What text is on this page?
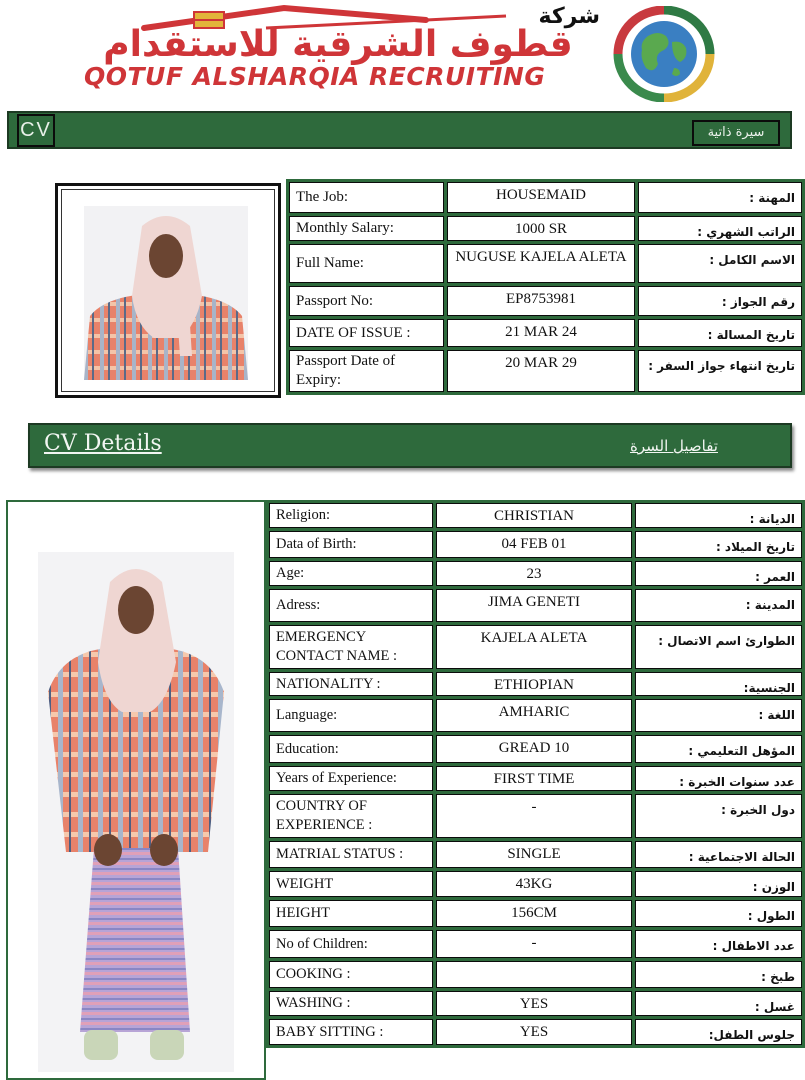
شركة
قطوف الشرقية للاستقدام
QOTUF ALSHARQIA RECRUITING
CV	سيرة ذاتية
The Job:	HOUSEMAID	المهنة :
Monthly Salary:	1000 SR	الراتب الشهري :
Full Name:	NUGUSE KAJELA ALETA	الاسم الكامل :
Passport No:	EP8753981	رقم الجواز :
DATE OF ISSUE :	21 MAR 24	تاريخ المسالة :
Passport Date of Expiry:	20 MAR 29	تاريخ انتهاء جواز السفر :
CV Details	تفاصيل السرة
Religion:	CHRISTIAN	الديانة :
Data of Birth:	04 FEB 01	تاريخ الميلاد :
Age:	23	العمر :
Adress:	JIMA GENETI	المدينة :
EMERGENCY CONTACT NAME :	KAJELA ALETA	الطوارئ اسم الاتصال :
NATIONALITY :	ETHIOPIAN	الجنسية:
Language:	AMHARIC	اللغة :
Education:	GREAD 10	المؤهل التعليمي :
Years of Experience:	FIRST TIME	عدد سنوات الخبرة :
COUNTRY OF EXPERIENCE :	-	دول الخبرة :
MATRIAL STATUS :	SINGLE	الحالة الاجتماعية :
WEIGHT	43KG	الوزن :
HEIGHT	156CM	الطول :
No of Children:	-	عدد الاطفال :
COOKING :		طبخ :
WASHING :	YES	غسل :
BABY SITTING :	YES	جلوس الطفل:
